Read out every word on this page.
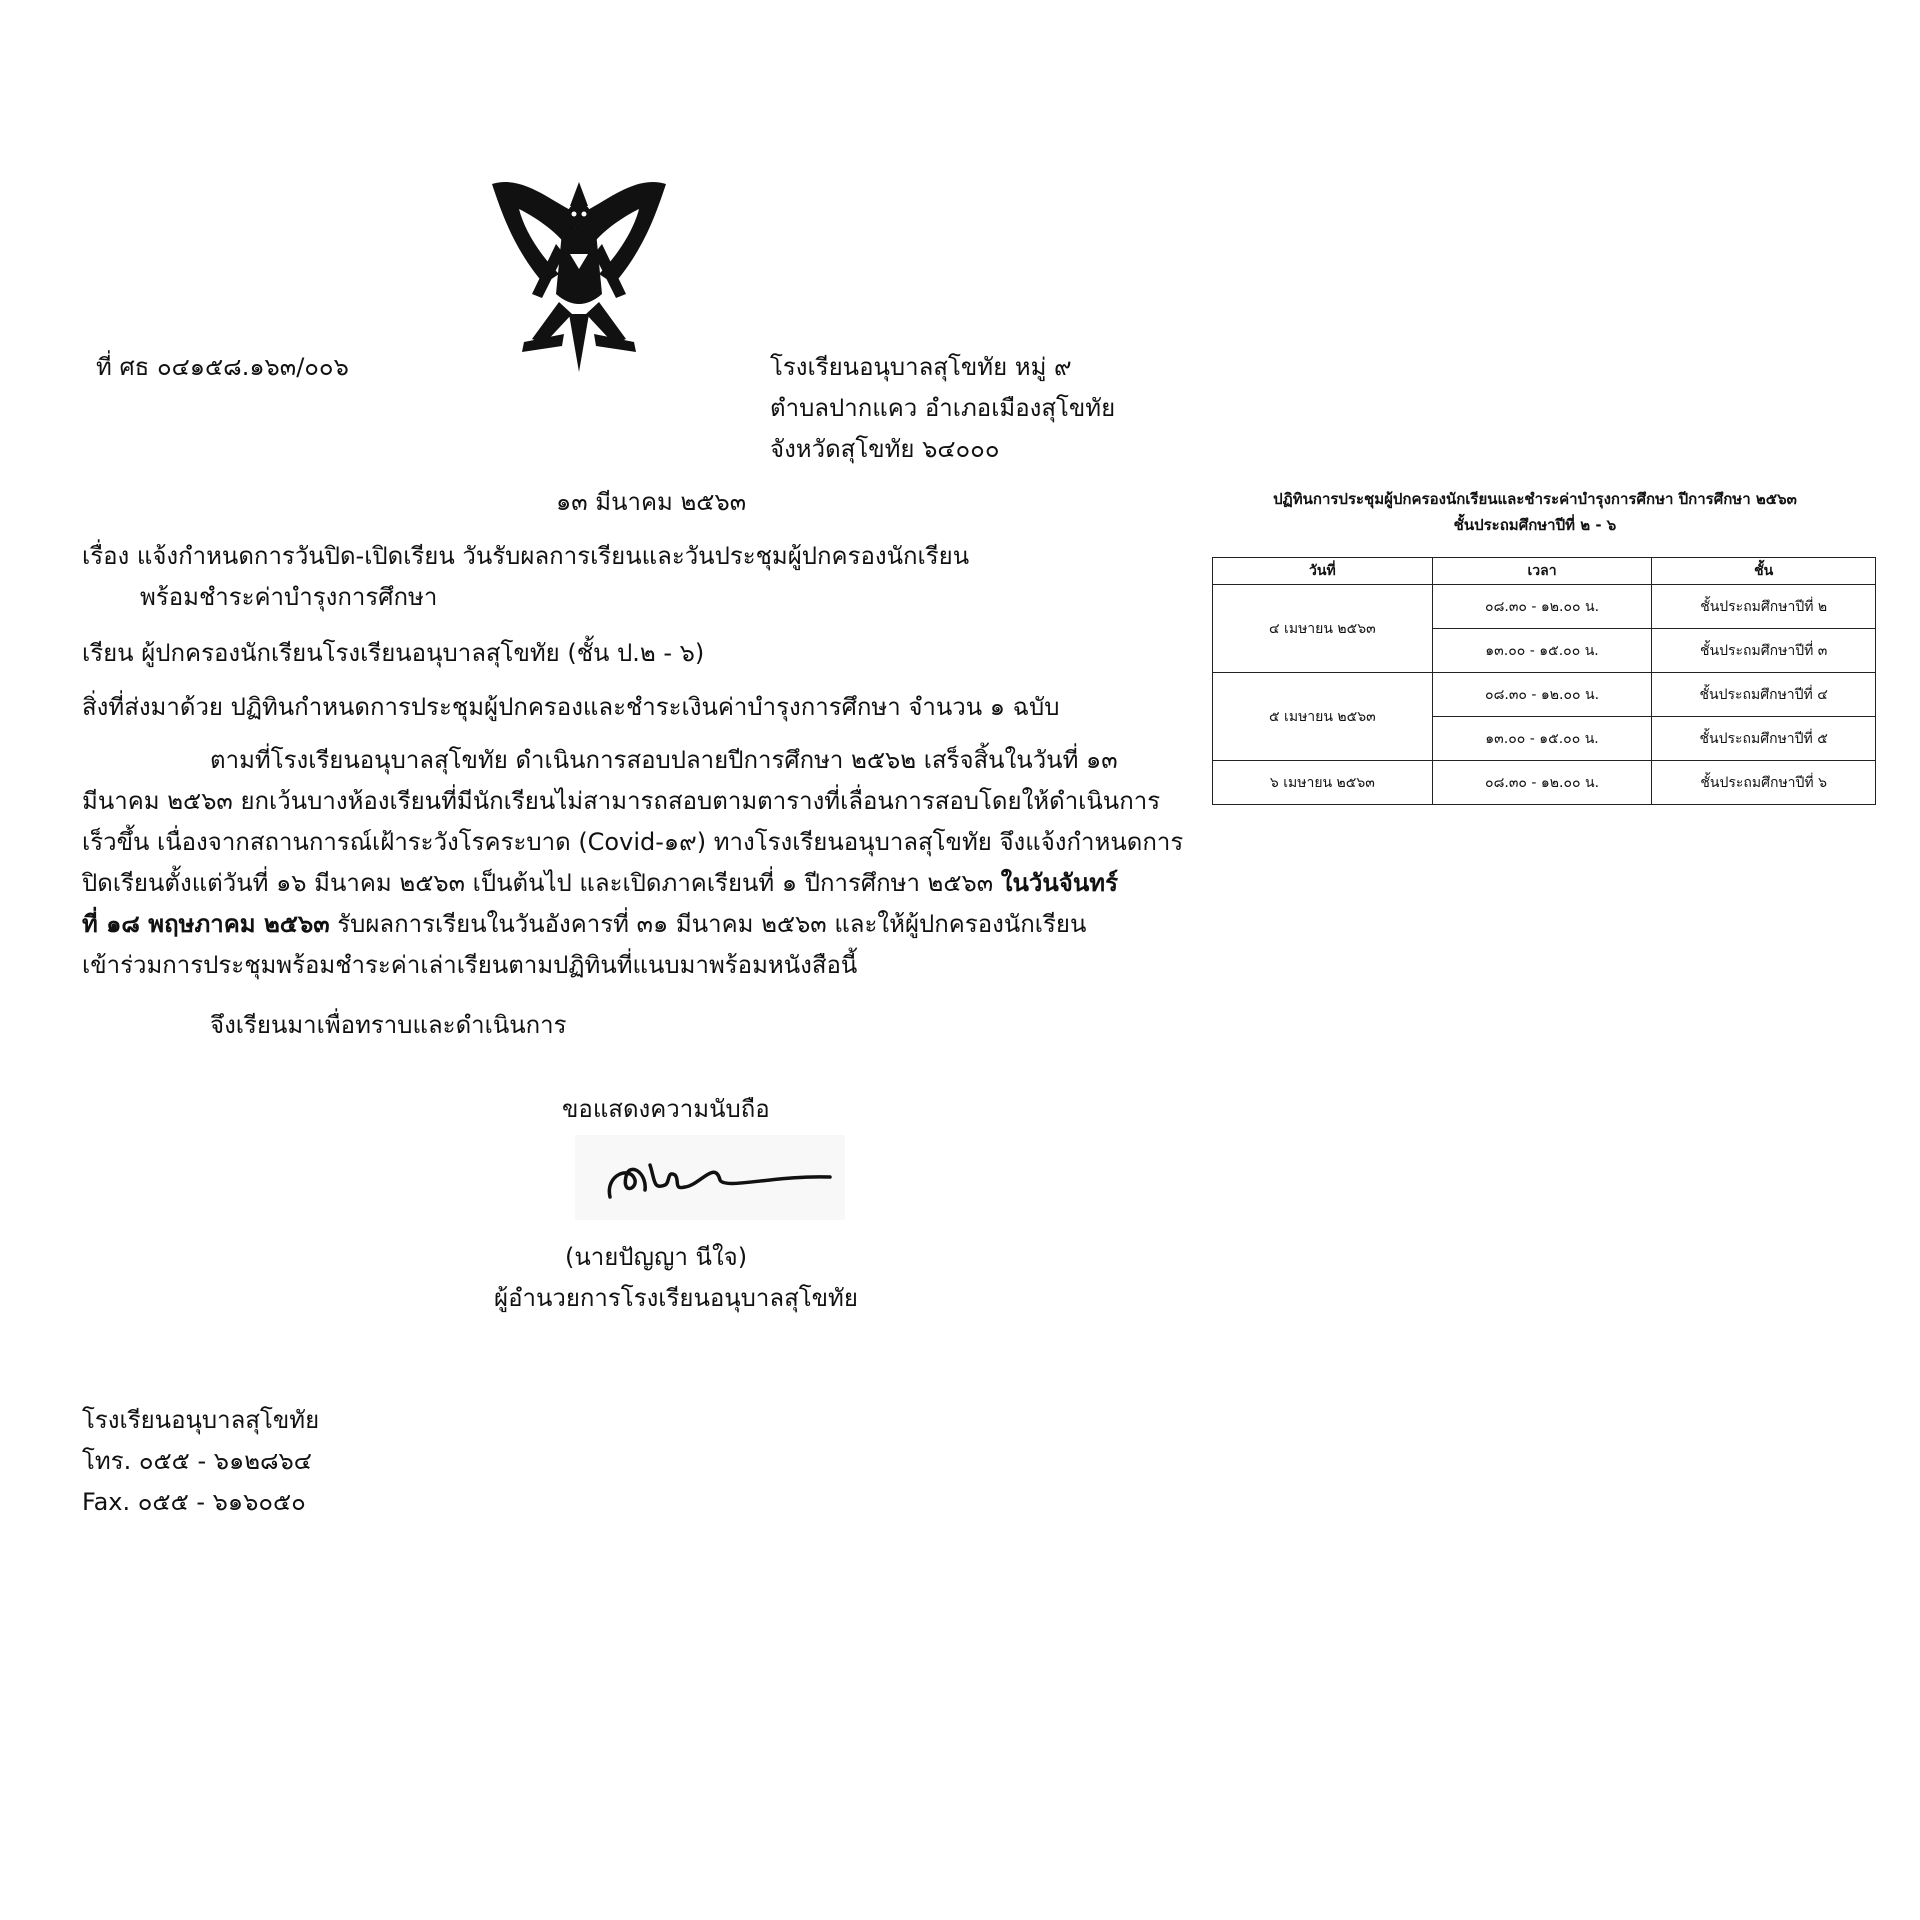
ที่ ศธ ๐๔๑๕๘.๑๖๓/๐๐๖	โรงเรียนอนุบาลสุโขทัย หมู่ ๙
ตำบลปากแคว อำเภอเมืองสุโขทัย
จังหวัดสุโขทัย ๖๔๐๐๐
๑๓ มีนาคม ๒๕๖๓
เรื่อง แจ้งกำหนดการวันปิด-เปิดเรียน วันรับผลการเรียนและวันประชุมผู้ปกครองนักเรียน
พร้อมชำระค่าบำรุงการศึกษา
เรียน ผู้ปกครองนักเรียนโรงเรียนอนุบาลสุโขทัย (ชั้น ป.๒ - ๖)
สิ่งที่ส่งมาด้วย ปฏิทินกำหนดการประชุมผู้ปกครองและชำระเงินค่าบำรุงการศึกษา จำนวน ๑ ฉบับ
ตามที่โรงเรียนอนุบาลสุโขทัย ดำเนินการสอบปลายปีการศึกษา ๒๕๖๒ เสร็จสิ้นในวันที่ ๑๓
มีนาคม ๒๕๖๓ ยกเว้นบางห้องเรียนที่มีนักเรียนไม่สามารถสอบตามตารางที่เลื่อนการสอบโดยให้ดำเนินการ
เร็วขึ้น เนื่องจากสถานการณ์เฝ้าระวังโรคระบาด (Covid-๑๙) ทางโรงเรียนอนุบาลสุโขทัย จึงแจ้งกำหนดการ
ปิดเรียนตั้งแต่วันที่ ๑๖ มีนาคม ๒๕๖๓ เป็นต้นไป และเปิดภาคเรียนที่ ๑ ปีการศึกษา ๒๕๖๓ ในวันจันทร์
ที่ ๑๘ พฤษภาคม ๒๕๖๓ รับผลการเรียนในวันอังคารที่ ๓๑ มีนาคม ๒๕๖๓ และให้ผู้ปกครองนักเรียน
เข้าร่วมการประชุมพร้อมชำระค่าเล่าเรียนตามปฏิทินที่แนบมาพร้อมหนังสือนี้
จึงเรียนมาเพื่อทราบและดำเนินการ
ขอแสดงความนับถือ
(นายปัญญา นีใจ)
ผู้อำนวยการโรงเรียนอนุบาลสุโขทัย
โรงเรียนอนุบาลสุโขทัย
โทร. ๐๕๕ - ๖๑๒๘๖๔
Fax. ๐๕๕ - ๖๑๖๐๕๐
ปฏิทินการประชุมผู้ปกครองนักเรียนและชำระค่าบำรุงการศึกษา ปีการศึกษา ๒๕๖๓
ชั้นประถมศึกษาปีที่ ๒ - ๖
วันที่	เวลา	ชั้น
๔ เมษายน ๒๕๖๓	๐๘.๓๐ - ๑๒.๐๐ น.	ชั้นประถมศึกษาปีที่ ๒
	๑๓.๐๐ - ๑๕.๐๐ น.	ชั้นประถมศึกษาปีที่ ๓
๕ เมษายน ๒๕๖๓	๐๘.๓๐ - ๑๒.๐๐ น.	ชั้นประถมศึกษาปีที่ ๔
	๑๓.๐๐ - ๑๕.๐๐ น.	ชั้นประถมศึกษาปีที่ ๕
๖ เมษายน ๒๕๖๓	๐๘.๓๐ - ๑๒.๐๐ น.	ชั้นประถมศึกษาปีที่ ๖
